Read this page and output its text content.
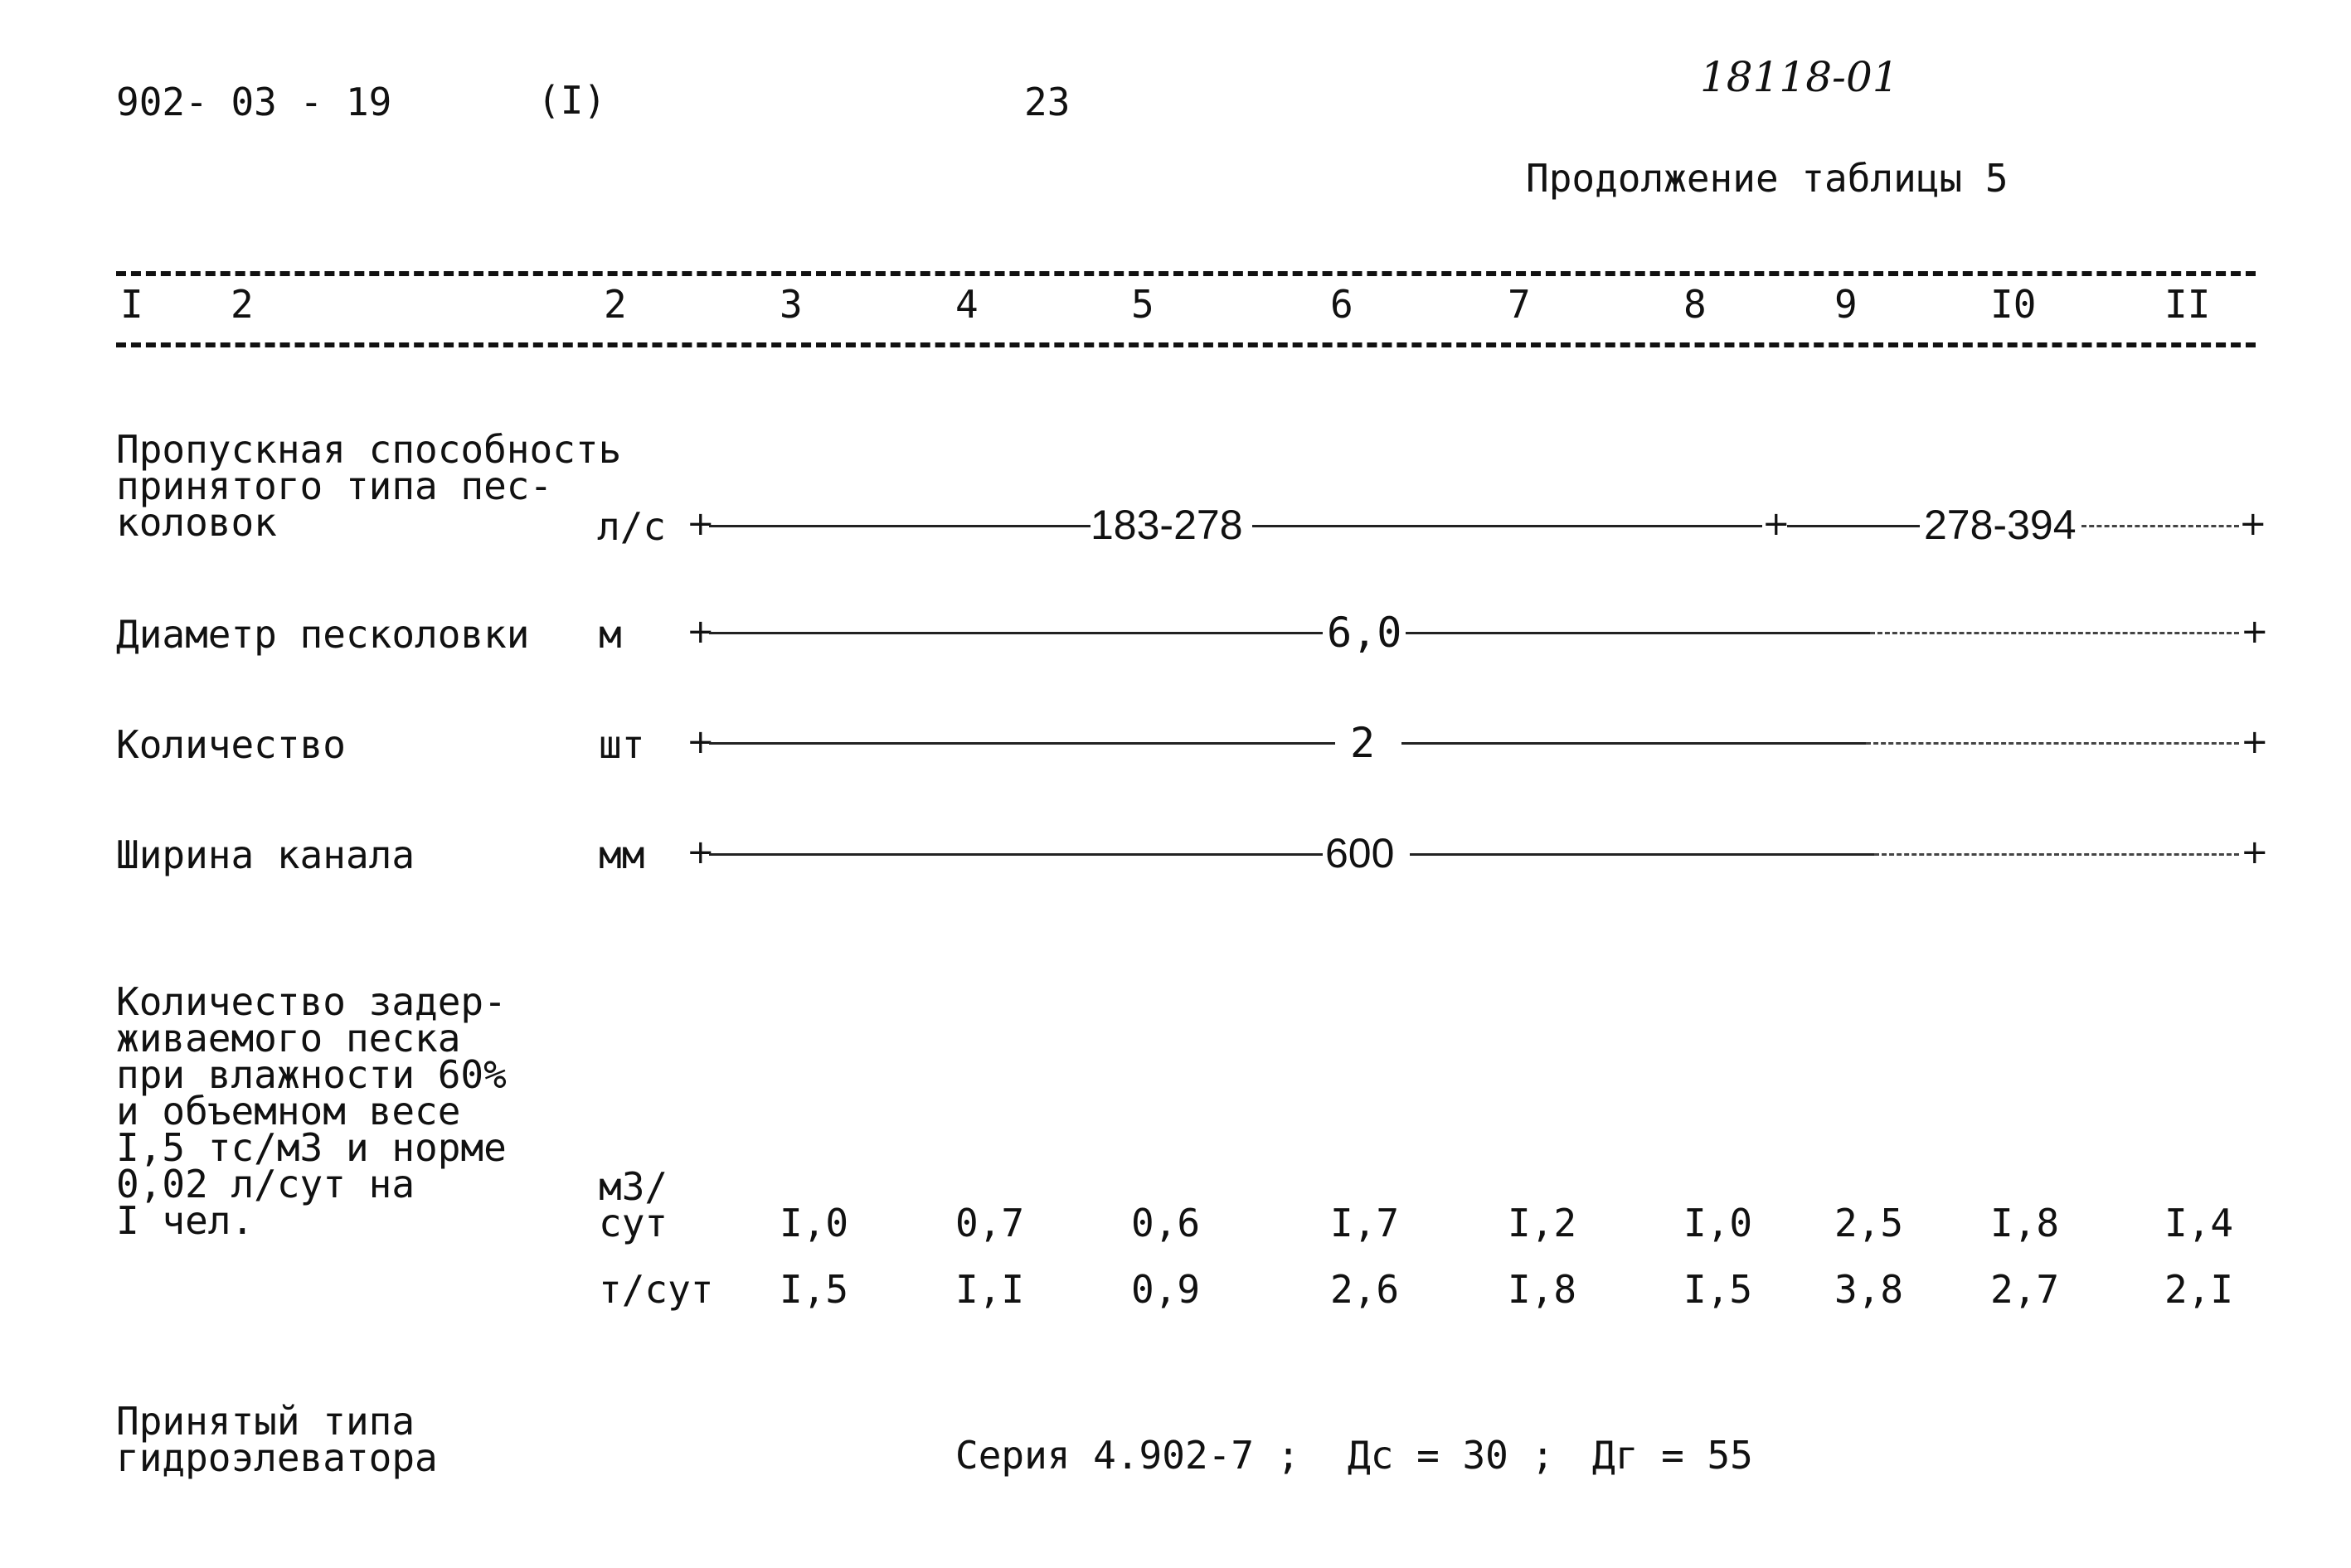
902- 03 - 19	(I)	23
18118-01
Продолжение таблицы 5
I 2	2	3	4	5	6	7	8	9	I0	II
Пропускная способность
принятого типа пес-
коловок	л/с +	183-278	+	278-394	+
Диаметр песколовки м +	6,0	+
Количество	шт +	2	+
Ширина канала	мм +	600	+
Количество задер-
живаемого песка
при влажности 60%
и объемном весе
I,5 тс/м3 и норме
0,02 л/сут на
I чел.
м3/
сут	I,0	0,7	0,6	I,7	I,2	I,0 2,5 I,8	I,4
т/сут I,5	I,I	0,9	2,6	I,8	I,5 3,8 2,7	2,I
Принятый типа
гидроэлеватора	Серия 4.902-7 ; Дс = 30 ; Дг = 55
